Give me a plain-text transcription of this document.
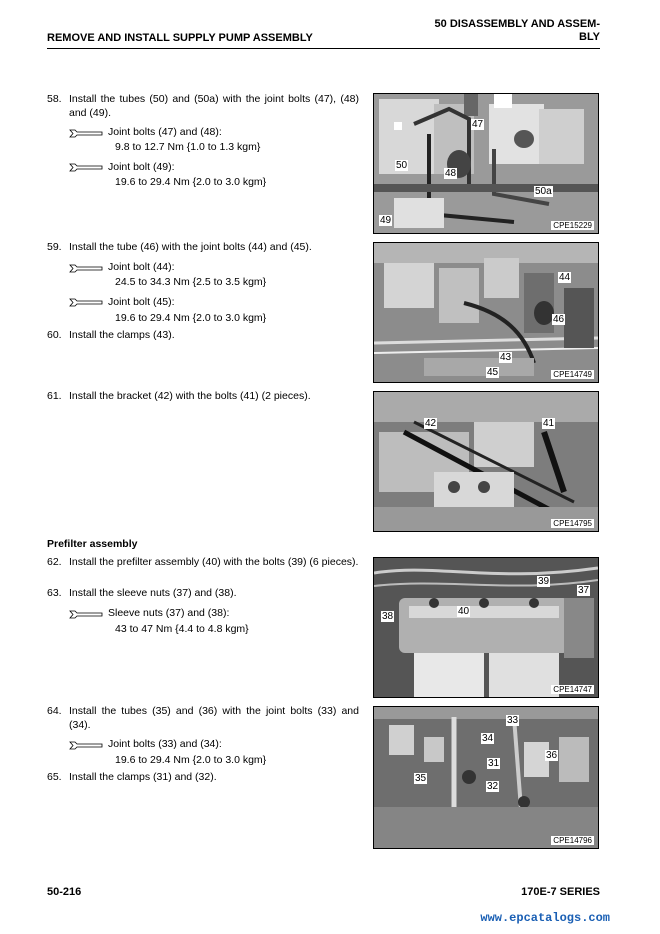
REMOVE AND INSTALL SUPPLY PUMP ASSEMBLY
50 DISASSEMBLY AND ASSEM-
BLY
58. Install the tubes (50) and (50a) with the joint bolts (47), (48) and (49).
Joint bolts (47) and (48):
9.8 to 12.7 Nm {1.0 to 1.3 kgm}
Joint bolt (49):
19.6 to 29.4 Nm {2.0 to 3.0 kgm}
59. Install the tube (46) with the joint bolts (44) and (45).
Joint bolt (44):
24.5 to 34.3 Nm {2.5 to 3.5 kgm}
Joint bolt (45):
19.6 to 29.4 Nm {2.0 to 3.0 kgm}
60. Install the clamps (43).
61. Install the bracket (42) with the bolts (41) (2 pieces).
Prefilter assembly
62. Install the prefilter assembly (40) with the bolts (39) (6 pieces).
63. Install the sleeve nuts (37) and (38).
Sleeve nuts (37) and (38):
43 to 47 Nm {4.4 to 4.8 kgm}
64. Install the tubes (35) and (36) with the joint bolts (33) and (34).
Joint bolts (33) and (34):
19.6 to 29.4 Nm {2.0 to 3.0 kgm}
65. Install the clamps (31) and (32).
47
50
48
50a
49	CPE15229
44
46
43
45	CPE14749
42	41
CPE14795
39
37
38	40
CPE14747
33
34
31
36
35
32
CPE14796
50-216	170E-7 SERIES
www.epcatalogs.com
